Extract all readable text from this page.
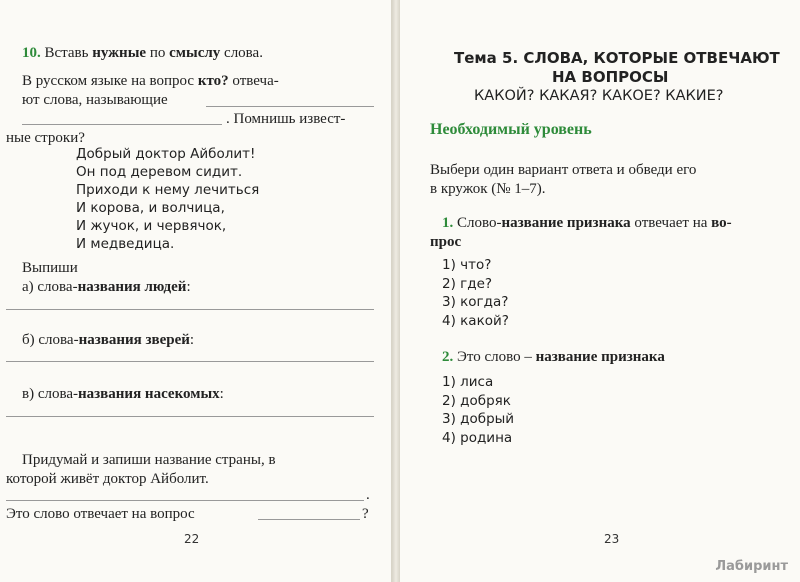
10. Вставь нужные по смыслу слова.
В русском языке на вопрос кто? отвеча-
ют слова, называющие
. Помнишь извест-
ные строки?
Добрый доктор Айболит!
Он под деревом сидит.
Приходи к нему лечиться
И корова, и волчица,
И жучок, и червячок,
И медведица.
Выпиши
а) слова-названия людей:
б) слова-названия зверей:
в) слова-названия насекомых:
Придумай и запиши название страны, в
которой живёт доктор Айболит.
.
Это слово отвечает на вопрос	?
22
Тема 5. СЛОВА, КОТОРЫЕ ОТВЕЧАЮТ
НА ВОПРОСЫ
КАКОЙ? КАКАЯ? КАКОЕ? КАКИЕ?
Необходимый уровень
Выбери один вариант ответа и обведи его
в кружок (№ 1–7).
1. Слово-название признака отвечает на во-
прос
1) что?
2) где?
3) когда?
4) какой?
2. Это слово – название признака
1) лиса
2) добряк
3) добрый
4) родина
23
Лабиринт
